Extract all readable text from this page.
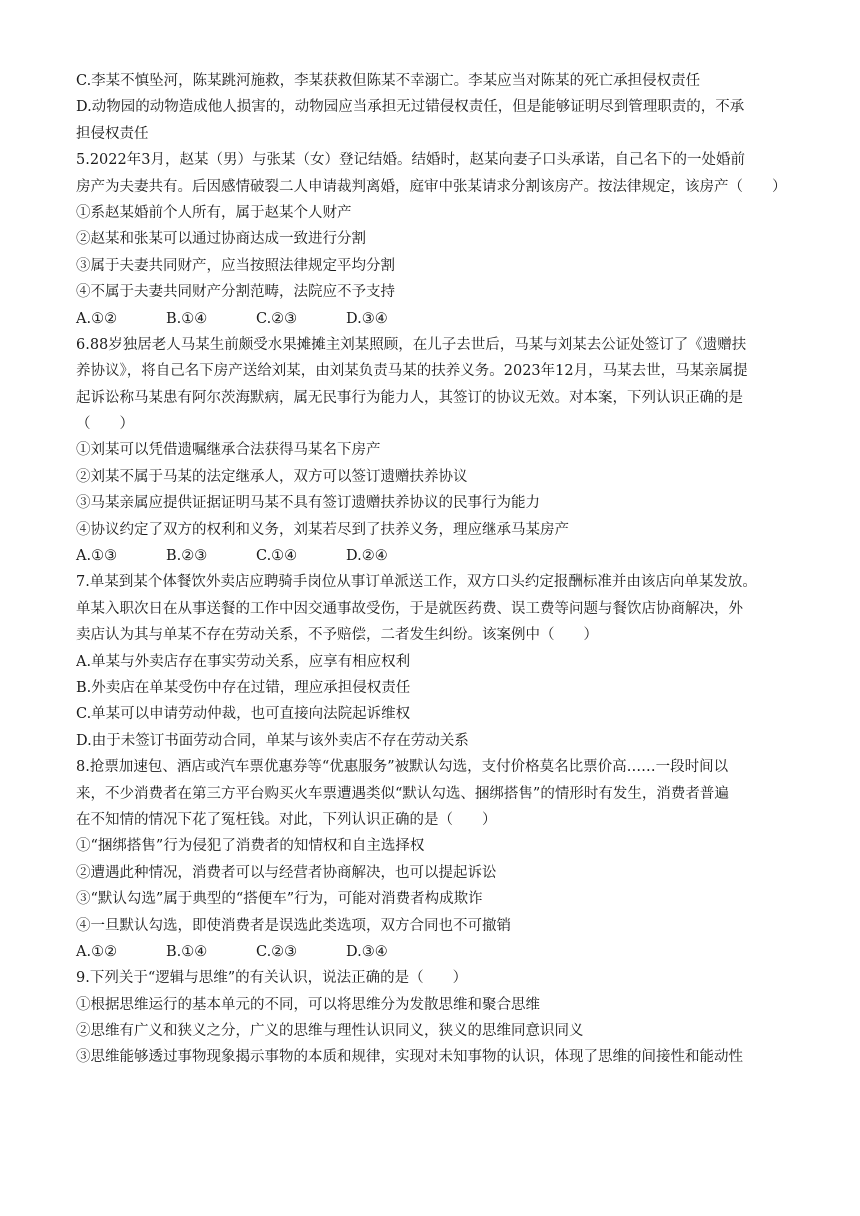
C.李某不慎坠河，陈某跳河施救，李某获救但陈某不幸溺亡。李某应当对陈某的死亡承担侵权责任
D.动物园的动物造成他人损害的，动物园应当承担无过错侵权责任，但是能够证明尽到管理职责的，不承
担侵权责任
5.2022年3月，赵某（男）与张某（女）登记结婚。结婚时，赵某向妻子口头承诺，自己名下的一处婚前
房产为夫妻共有。后因感情破裂二人申请裁判离婚，庭审中张某请求分割该房产。按法律规定，该房产（　　）
①系赵某婚前个人所有，属于赵某个人财产
②赵某和张某可以通过协商达成一致进行分割
③属于夫妻共同财产，应当按照法律规定平均分割
④不属于夫妻共同财产分割范畴，法院应不予支持
A.①②	B.①④	C.②③	D.③④
6.88岁独居老人马某生前颇受水果摊摊主刘某照顾，在儿子去世后，马某与刘某去公证处签订了《遗赠扶
养协议》，将自己名下房产送给刘某，由刘某负责马某的扶养义务。2023年12月，马某去世，马某亲属提
起诉讼称马某患有阿尔茨海默病，属无民事行为能力人，其签订的协议无效。对本案，下列认识正确的是
（　　）
①刘某可以凭借遗嘱继承合法获得马某名下房产
②刘某不属于马某的法定继承人，双方可以签订遗赠扶养协议
③马某亲属应提供证据证明马某不具有签订遗赠扶养协议的民事行为能力
④协议约定了双方的权利和义务，刘某若尽到了扶养义务，理应继承马某房产
A.①③	B.②③	C.①④	D.②④
7.单某到某个体餐饮外卖店应聘骑手岗位从事订单派送工作，双方口头约定报酬标准并由该店向单某发放。
单某入职次日在从事送餐的工作中因交通事故受伤，于是就医药费、误工费等问题与餐饮店协商解决，外
卖店认为其与单某不存在劳动关系，不予赔偿，二者发生纠纷。该案例中（　　）
A.单某与外卖店存在事实劳动关系，应享有相应权利
B.外卖店在单某受伤中存在过错，理应承担侵权责任
C.单某可以申请劳动仲裁，也可直接向法院起诉维权
D.由于未签订书面劳动合同，单某与该外卖店不存在劳动关系
8.抢票加速包、酒店或汽车票优惠券等“优惠服务”被默认勾选，支付价格莫名比票价高……一段时间以
来，不少消费者在第三方平台购买火车票遭遇类似“默认勾选、捆绑搭售”的情形时有发生，消费者普遍
在不知情的情况下花了冤枉钱。对此，下列认识正确的是（　　）
①“捆绑搭售”行为侵犯了消费者的知情权和自主选择权
②遭遇此种情况，消费者可以与经营者协商解决，也可以提起诉讼
③“默认勾选”属于典型的“搭便车”行为，可能对消费者构成欺诈
④一旦默认勾选，即使消费者是误选此类选项，双方合同也不可撤销
A.①②	B.①④	C.②③	D.③④
9.下列关于“逻辑与思维”的有关认识，说法正确的是（　　）
①根据思维运行的基本单元的不同，可以将思维分为发散思维和聚合思维
②思维有广义和狭义之分，广义的思维与理性认识同义，狭义的思维同意识同义
③思维能够透过事物现象揭示事物的本质和规律，实现对未知事物的认识，体现了思维的间接性和能动性
